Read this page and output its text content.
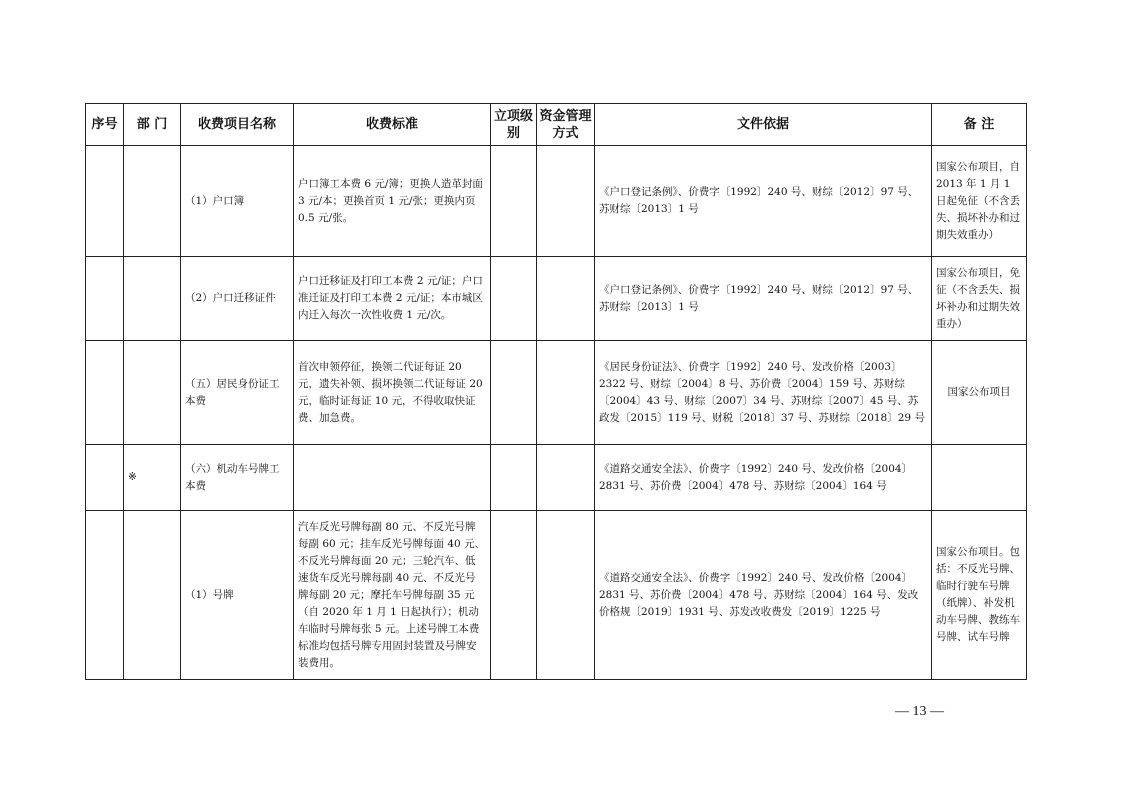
序号	部 门	收费项目名称	收费标准	立项级别	资金管理方式	文件依据	备 注
		（1）户口簿	户口簿工本费 6 元/簿；更换人造革封面 3 元/本；更换首页 1 元/张；更换内页 0.5 元/张。			《户口登记条例》、价费字〔1992〕240 号、财综〔2012〕97 号、苏财综〔2013〕1 号	国家公布项目，自 2013 年 1 月 1 日起免征（不含丢失、损坏补办和过期失效重办）
		（2）户口迁移证件	户口迁移证及打印工本费 2 元/证；户口准迁证及打印工本费 2 元/证；本市城区内迁入每次一次性收费 1 元/次。			《户口登记条例》、价费字〔1992〕240 号、财综〔2012〕97 号、苏财综〔2013〕1 号	国家公布项目，免征（不含丢失、损坏补办和过期失效重办）
		（五）居民身份证工本费	首次申领停征，换领二代证每证 20 元，遗失补领、损坏换领二代证每证 20 元，临时证每证 10 元，不得收取快证费、加急费。			《居民身份证法》、价费字〔1992〕240 号、发改价格〔2003〕2322 号、财综〔2004〕8 号、苏价费〔2004〕159 号、苏财综〔2004〕43 号、财综〔2007〕34 号、苏财综〔2007〕45 号、苏政发〔2015〕119 号、财税〔2018〕37 号、苏财综〔2018〕29 号	国家公布项目
	※	（六）机动车号牌工本费				《道路交通安全法》、价费字〔1992〕240 号、发改价格〔2004〕2831 号、苏价费〔2004〕478 号、苏财综〔2004〕164 号	
		（1）号牌	汽车反光号牌每副 80 元、不反光号牌每副 60 元；挂车反光号牌每面 40 元、不反光号牌每面 20 元；三轮汽车、低速货车反光号牌每副 40 元、不反光号牌每副 20 元；摩托车号牌每副 35 元（自 2020 年 1 月 1 日起执行）；机动车临时号牌每张 5 元。上述号牌工本费标准均包括号牌专用固封装置及号牌安装费用。			《道路交通安全法》、价费字〔1992〕240 号、发改价格〔2004〕2831 号、苏价费〔2004〕478 号、苏财综〔2004〕164 号、发改价格规〔2019〕1931 号、苏发改收费发〔2019〕1225 号	国家公布项目。包括：不反光号牌、临时行驶车号牌（纸牌）、补发机动车号牌、教练车号牌、试车号牌
— 13 —
